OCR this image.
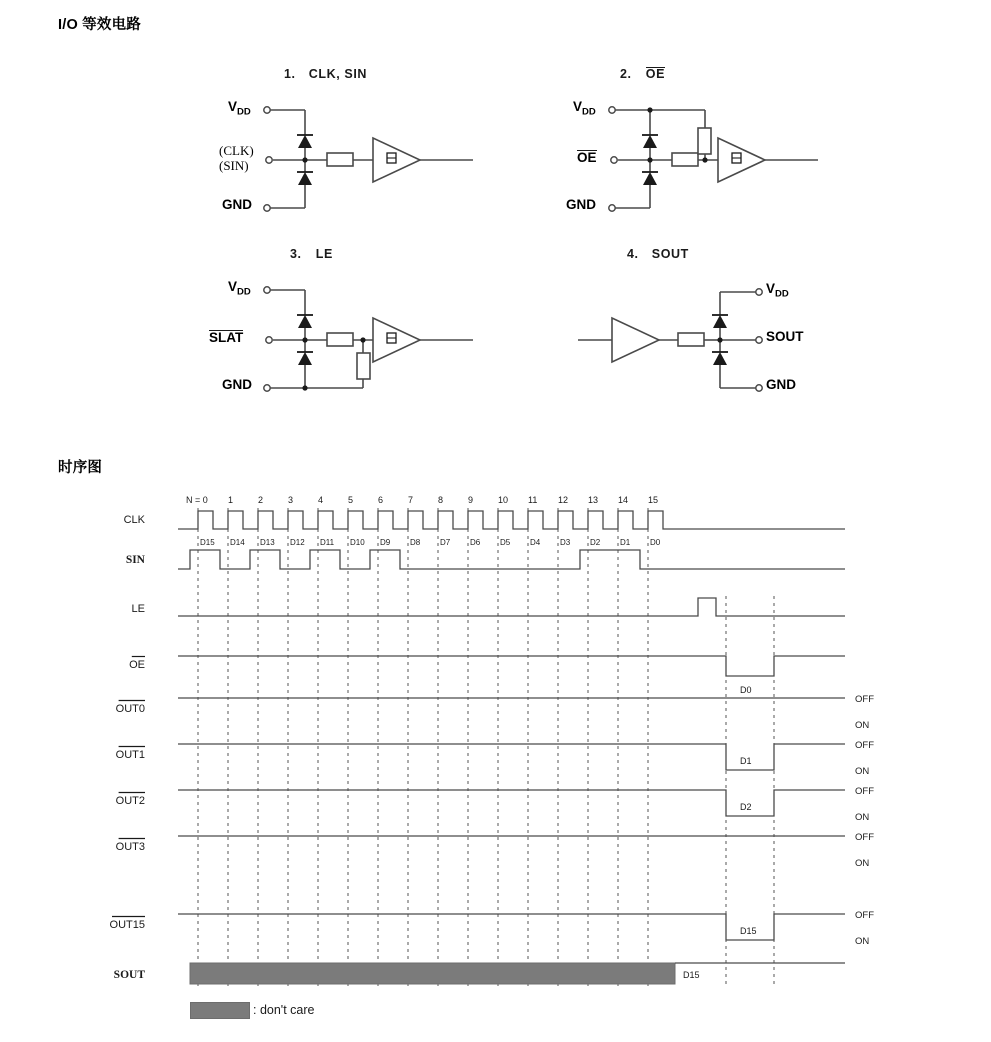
I/O 等效电路
时序图
1. CLK, SIN
$V_{DD}$
(CLK)
(SIN)
GND
2. OE
$V_{DD}$
OE
GND
3. LE
$V_{DD}$
SLAT
GND
4. SOUT
$V_{DD}$
SOUT
GND
N = 0 1	2	3	4	5	6	7	8	9	10 11 12 13 14 15
D15 D14 D13 D12 D11 D10 D9 D8 D7 D6 D5 D4 D3 D2 D1 D0
D0
OFF
ON
D1
OFF
ON
D2
OFF
ON
OFF
ON
D15
OFF
ON
D15
CLK
SIN
LE
OE
OUT0
OUT1
OUT2
OUT3
OUT15
SOUT
: don't care
